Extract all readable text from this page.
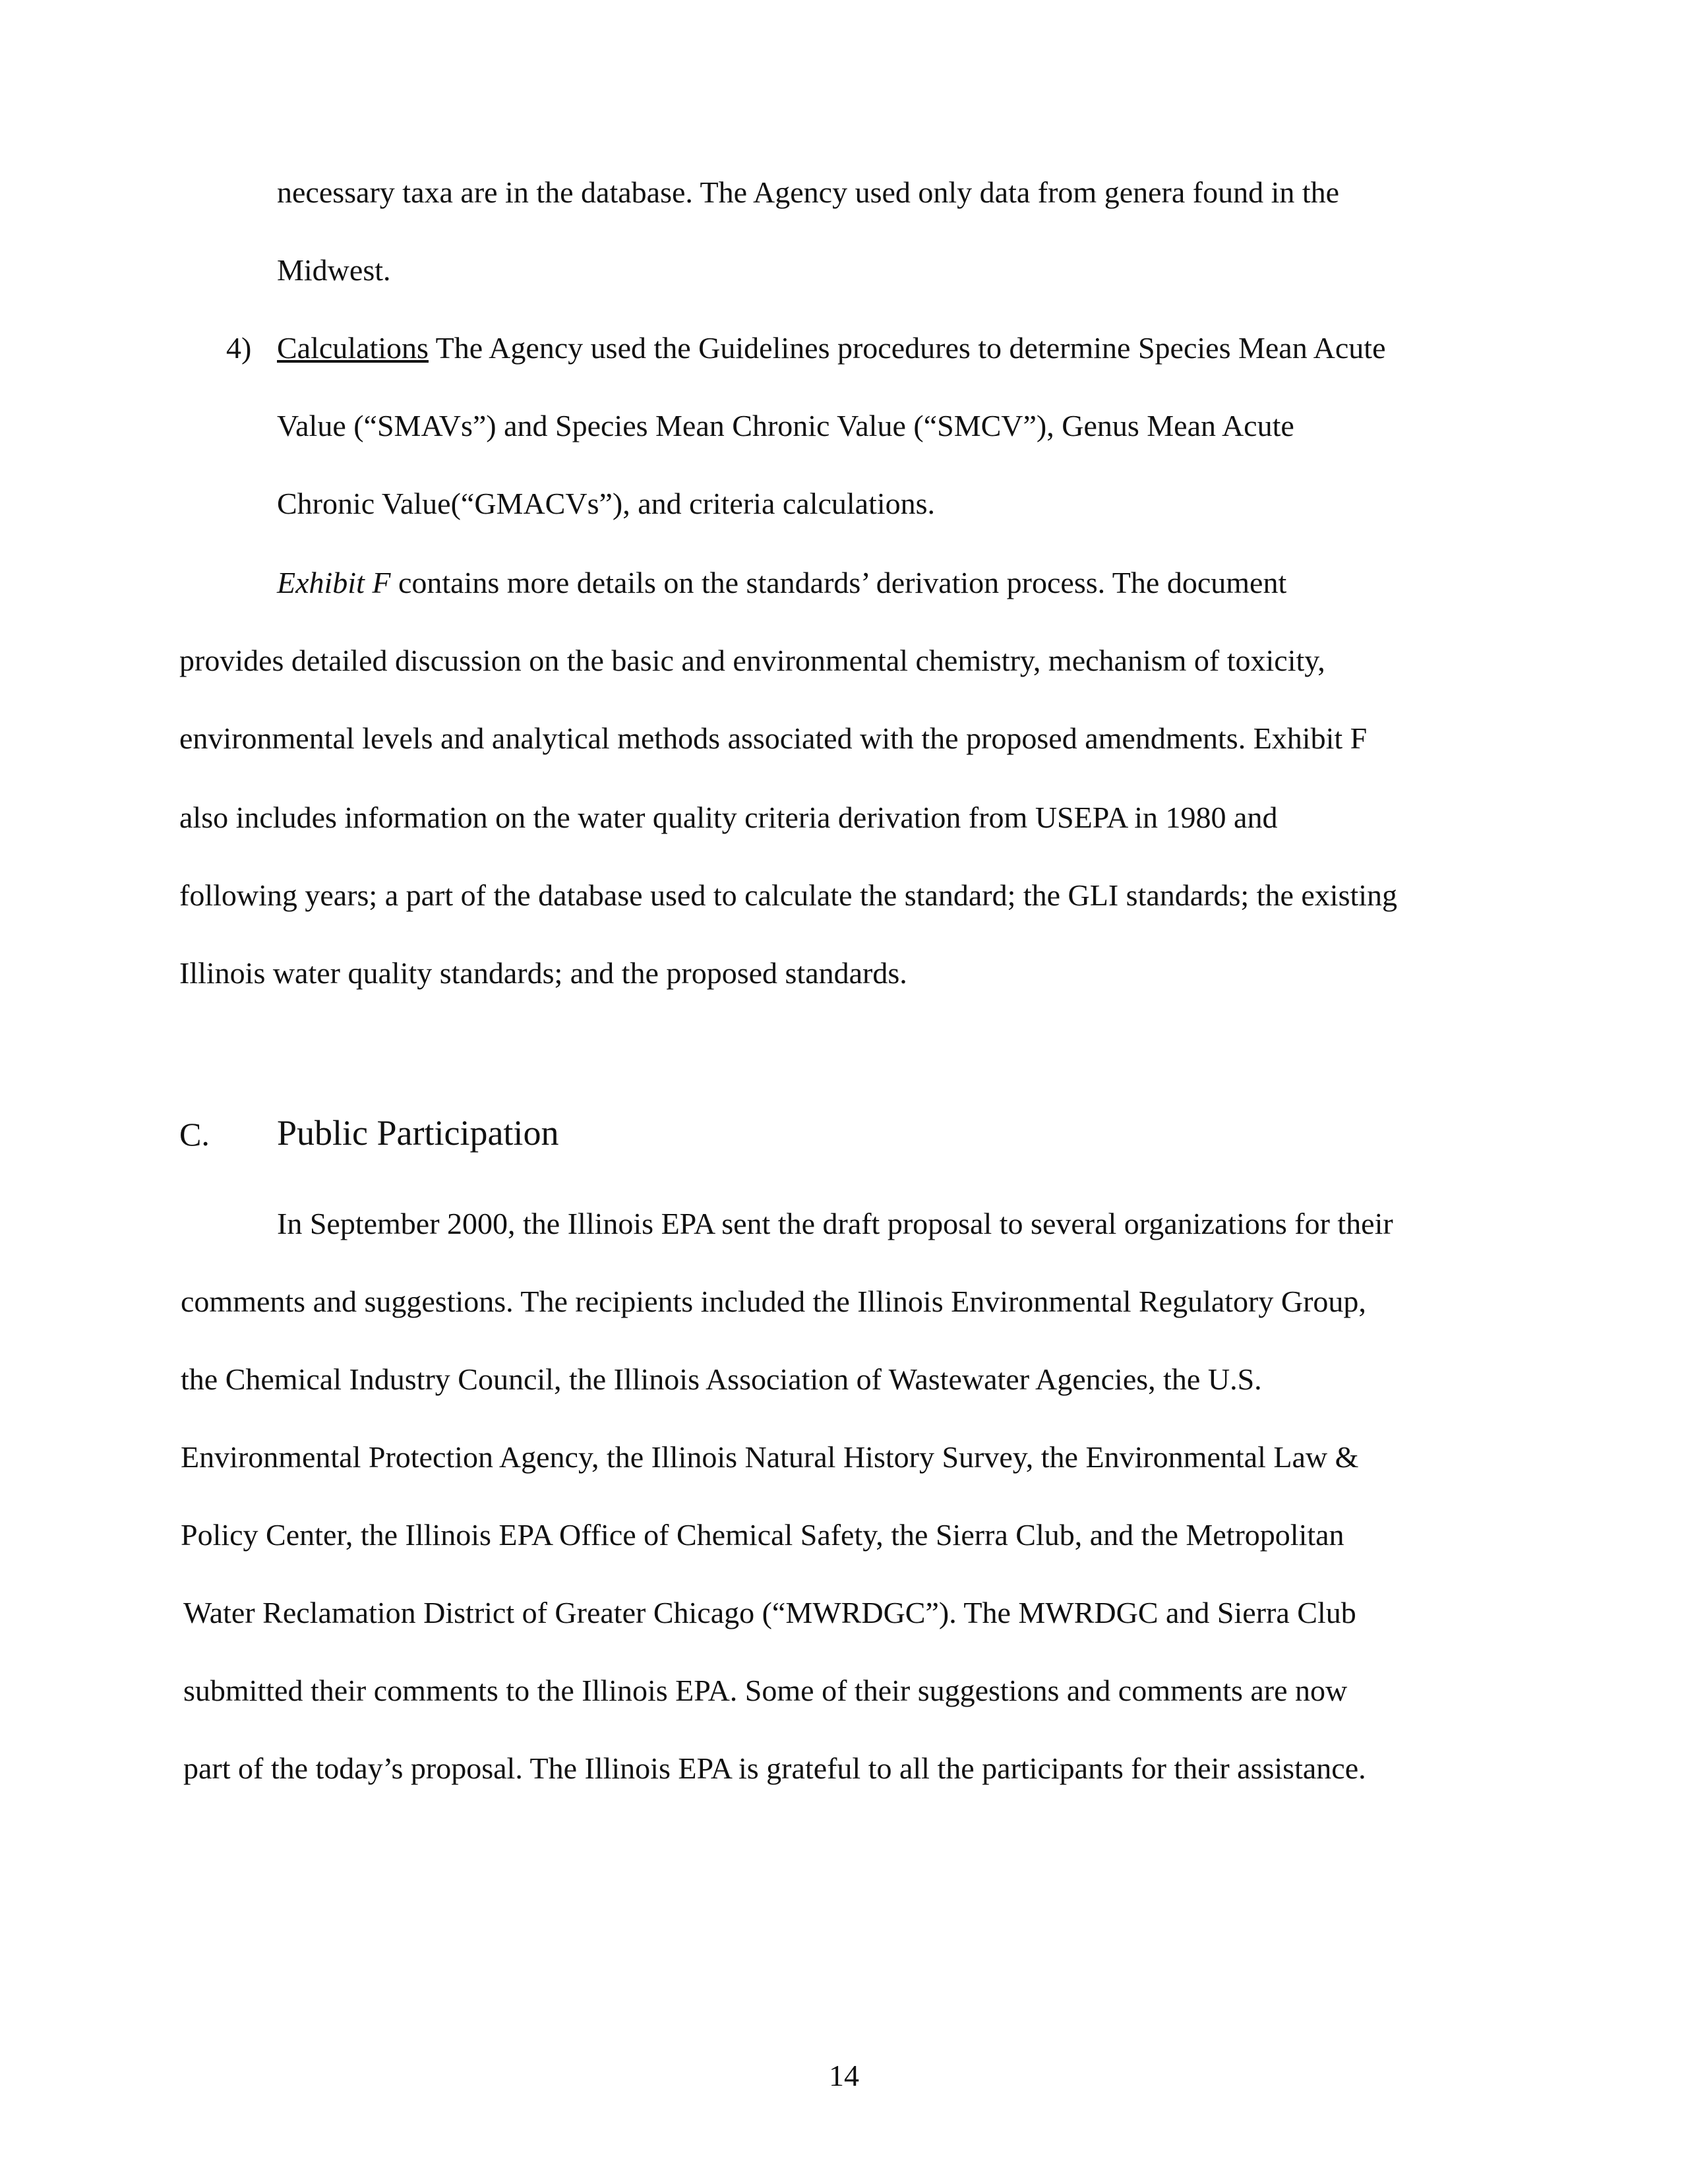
necessary taxa are in the database. The Agency used only data from genera found in the
Midwest.
4) Calculations The Agency used the Guidelines procedures to determine Species Mean Acute
Value (“SMAVs”) and Species Mean Chronic Value (“SMCV”), Genus Mean Acute
Chronic Value(“GMACVs”), and criteria calculations.
Exhibit F contains more details on the standards’ derivation process. The document
provides detailed discussion on the basic and environmental chemistry, mechanism of toxicity,
environmental levels and analytical methods associated with the proposed amendments. Exhibit F
also includes information on the water quality criteria derivation from USEPA in 1980 and
following years; a part of the database used to calculate the standard; the GLI standards; the existing
Illinois water quality standards; and the proposed standards.
C. Public Participation
In September 2000, the Illinois EPA sent the draft proposal to several organizations for their
comments and suggestions. The recipients included the Illinois Environmental Regulatory Group,
the Chemical Industry Council, the Illinois Association of Wastewater Agencies, the U.S.
Environmental Protection Agency, the Illinois Natural History Survey, the Environmental Law &
Policy Center, the Illinois EPA Office of Chemical Safety, the Sierra Club, and the Metropolitan
Water Reclamation District of Greater Chicago (“MWRDGC”). The MWRDGC and Sierra Club
submitted their comments to the Illinois EPA. Some of their suggestions and comments are now
part of the today’s proposal. The Illinois EPA is grateful to all the participants for their assistance.
14
